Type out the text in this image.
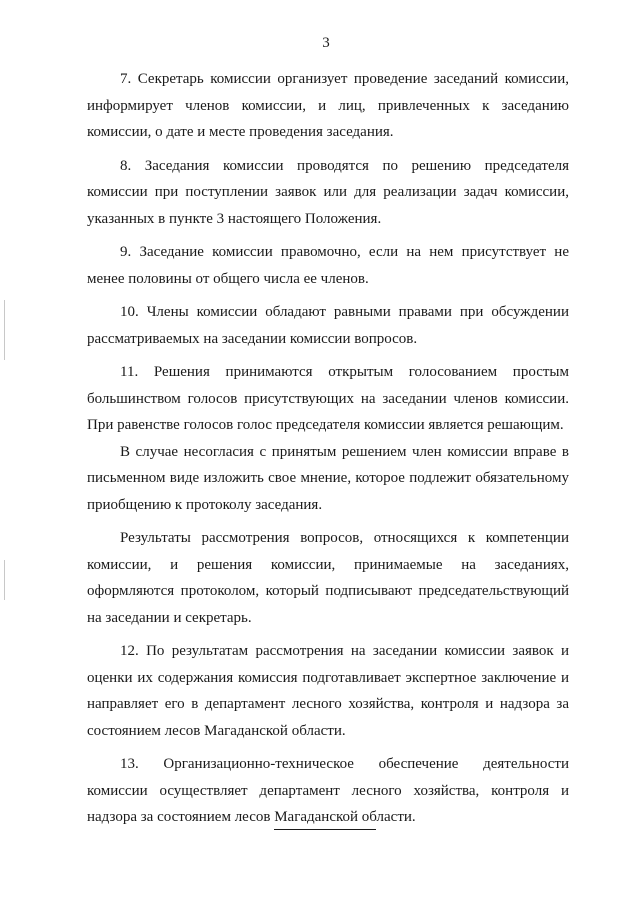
3

7. Секретарь комиссии организует проведение заседаний комиссии, информирует членов комиссии, и лиц, привлеченных к заседанию комиссии, о дате и месте проведения заседания.

8. Заседания комиссии проводятся по решению председателя комиссии при поступлении заявок или для реализации задач комиссии, указанных в пункте 3 настоящего Положения.

9. Заседание комиссии правомочно, если на нем присутствует не менее половины от общего числа ее членов.

10. Члены комиссии обладают равными правами при обсуждении рассматриваемых на заседании комиссии вопросов.

11. Решения принимаются открытым голосованием простым большинством голосов присутствующих на заседании членов комиссии. При равенстве голосов голос председателя комиссии является решающим.

В случае несогласия с принятым решением член комиссии вправе в письменном виде изложить свое мнение, которое подлежит обязательному приобщению к протоколу заседания.

Результаты рассмотрения вопросов, относящихся к компетенции комиссии, и решения комиссии, принимаемые на заседаниях, оформляются протоколом, который подписывают председательствующий на заседании и секретарь.

12. По результатам рассмотрения на заседании комиссии заявок и оценки их содержания комиссия подготавливает экспертное заключение и направляет его в департамент лесного хозяйства, контроля и надзора за состоянием лесов Магаданской области.

13. Организационно-техническое обеспечение деятельности комиссии осуществляет департамент лесного хозяйства, контроля и надзора за состоянием лесов Магаданской области.
